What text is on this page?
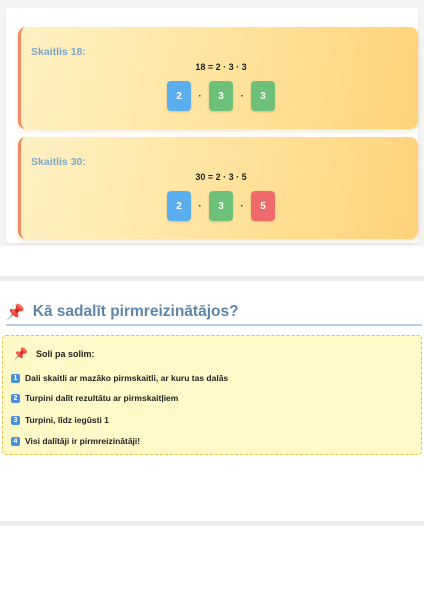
Skaitlis 18:
18 = 2 · 3 · 3
2	·	3	·	3
Skaitlis 30:
30 = 2 · 3 · 5
2	·	3	·	5
📌 Kā sadalīt pirmreizinātājos?
📌 Soli pa solim:
1 Dali skaitli ar mazāko pirmskaitli, ar kuru tas dalās
2 Turpini dalīt rezultātu ar pirmskaitļiem
3 Turpini, līdz iegūsti 1
4 Visi dalītāji ir pirmreizinātāji!
